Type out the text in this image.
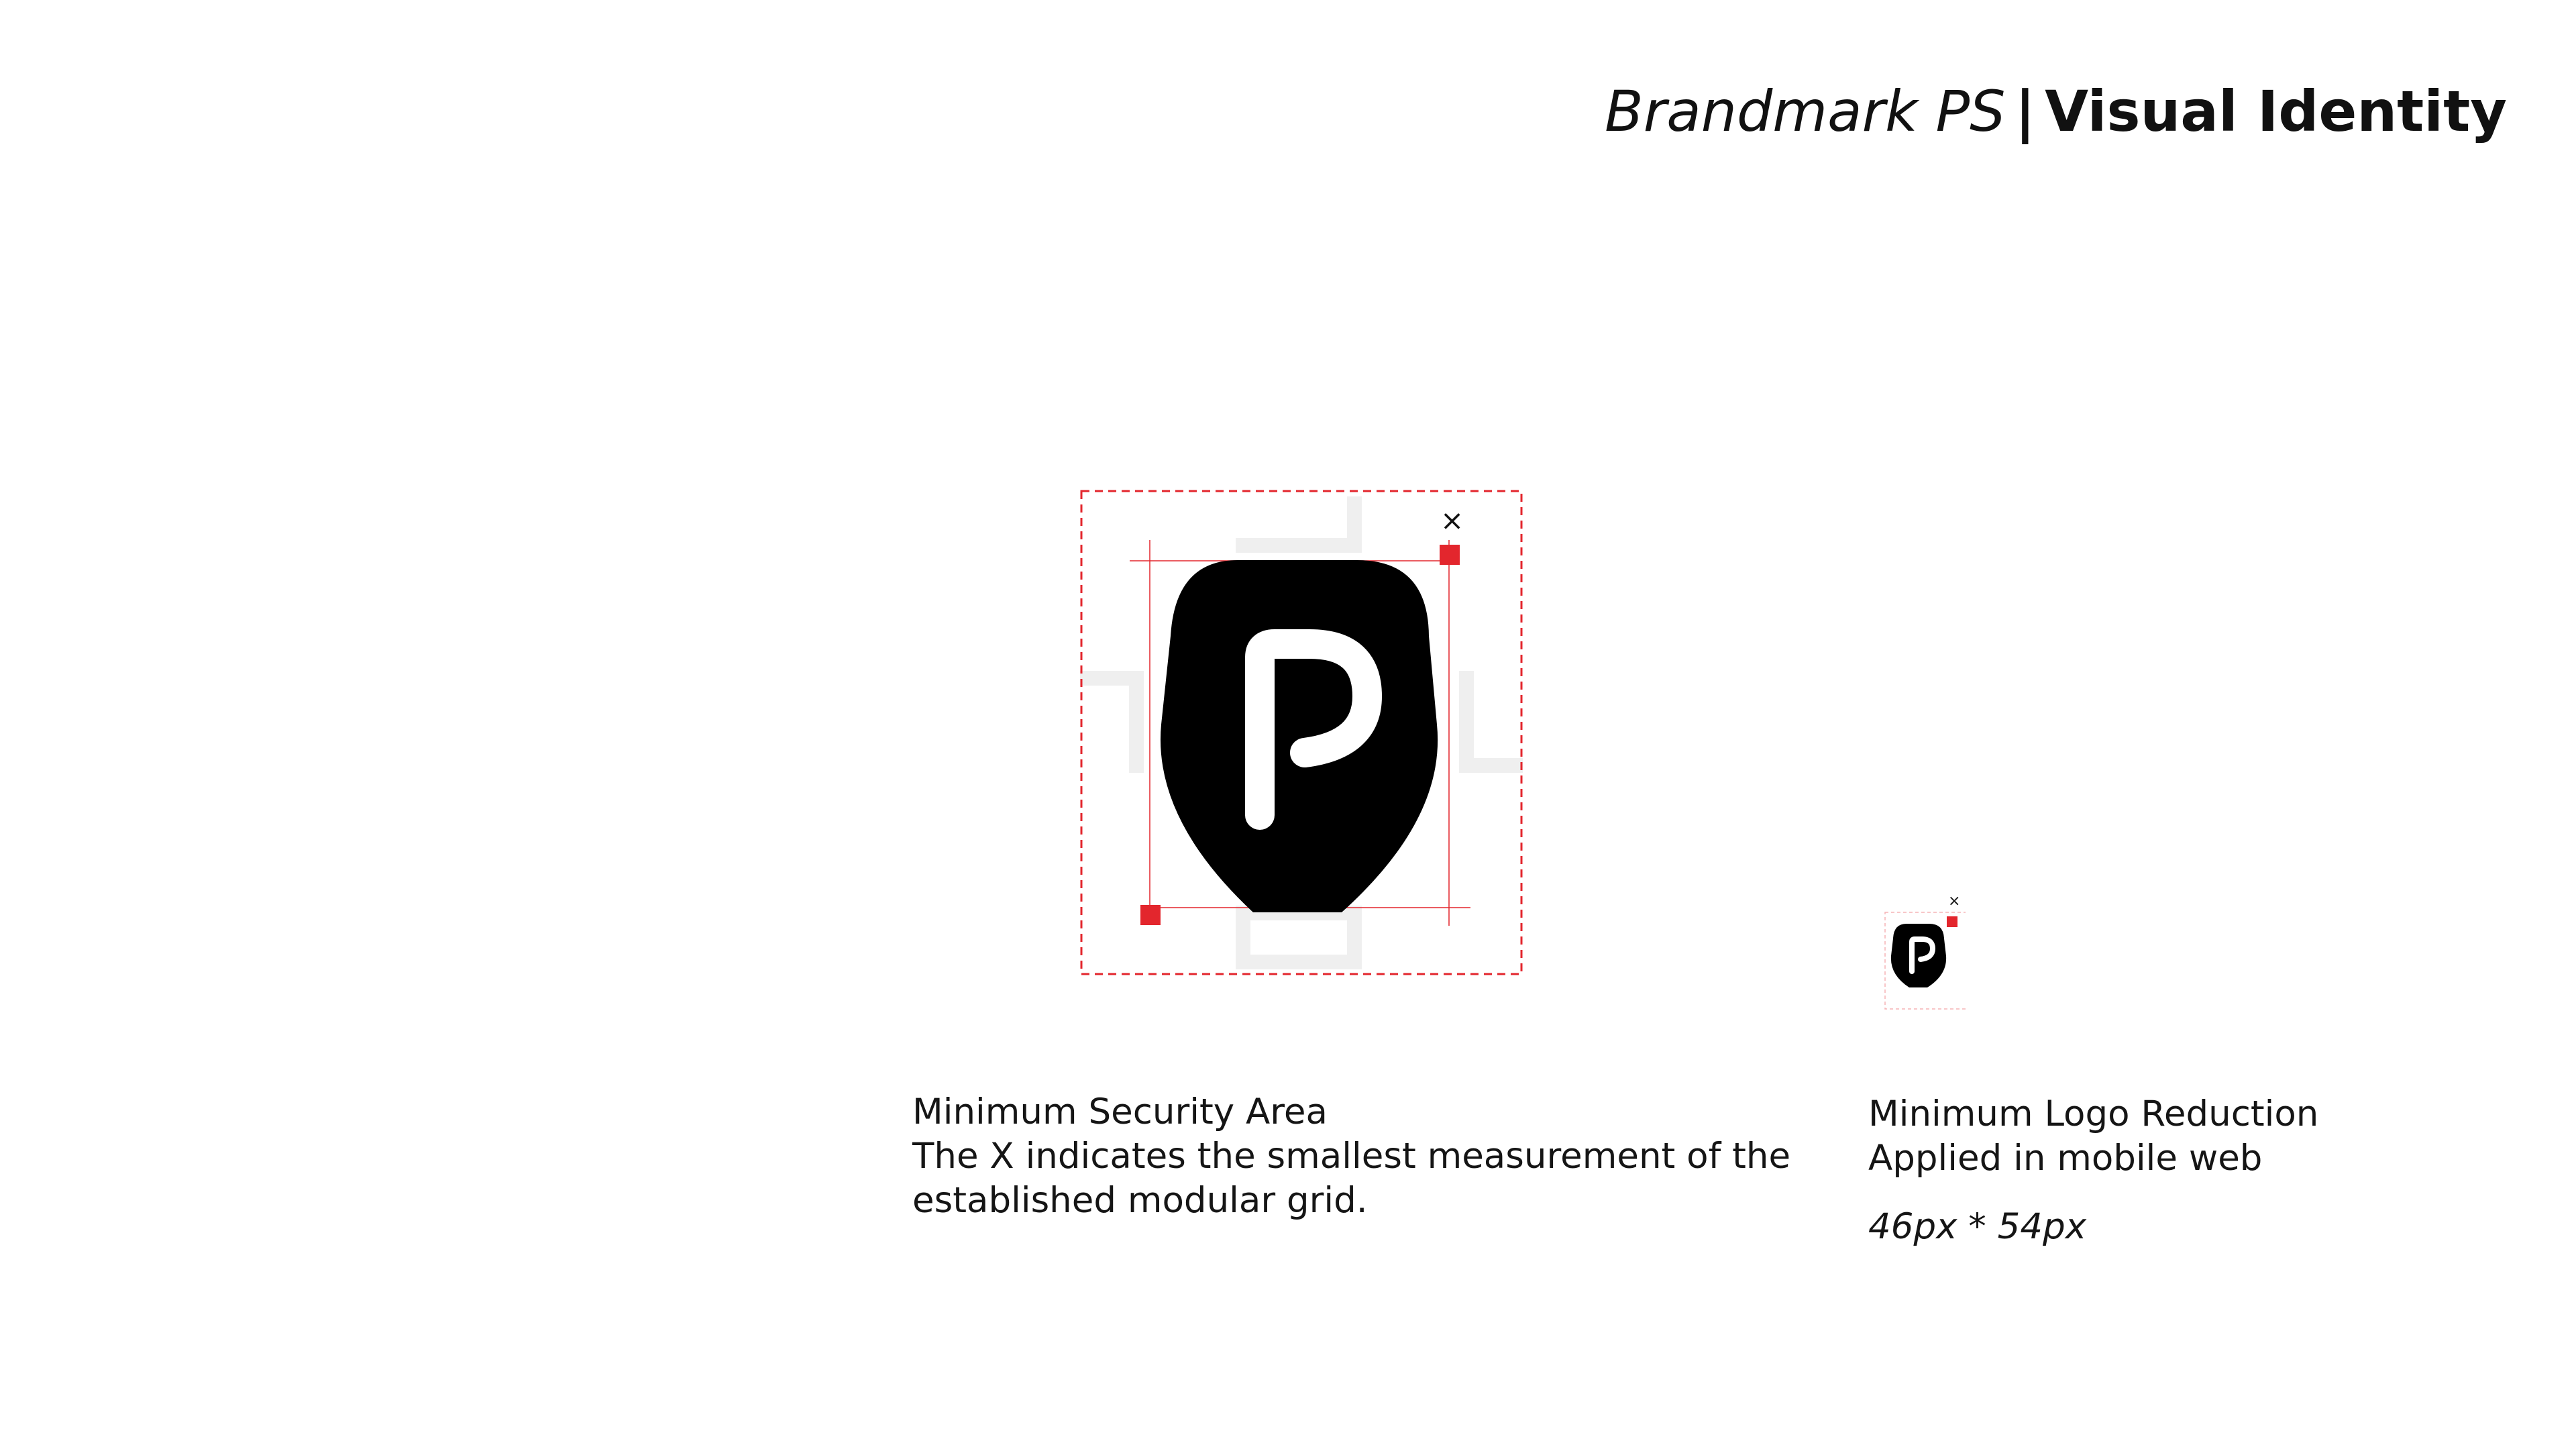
Brandmark PS | Visual Identity
×
×

Minimum Security Area

The X indicates the smallest measurement of the

established modular grid.

Minimum Logo Reduction

Applied in mobile web

46px * 54px
